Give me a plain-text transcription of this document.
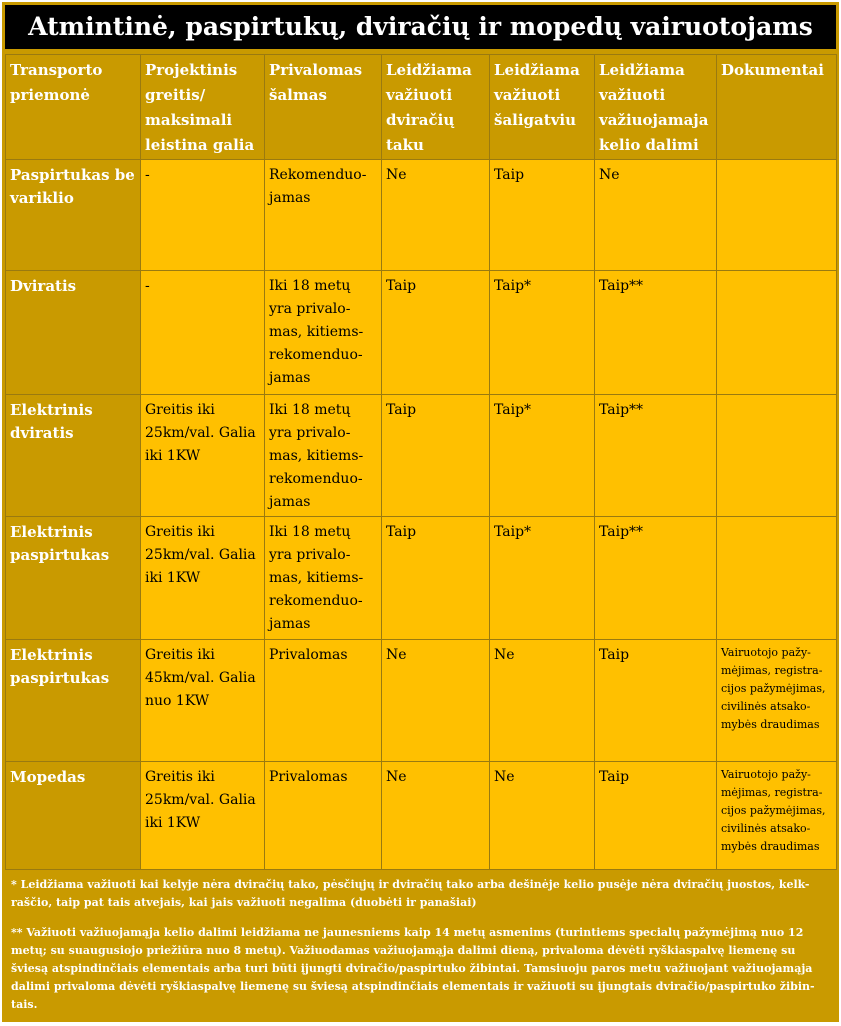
Atmintinė, paspirtukų, dviračių ir mopedų vairuotojams
Transporto priemonė	Projektinis greitis/ maksimali leistina galia	Privalomas šalmas	Leidžiama važiuoti dviračių taku	Leidžiama važiuoti šaligatviu	Leidžiama važiuoti važiuojamaja kelio dalimi	Dokumentai
Paspirtukas be variklio	-	Rekomenduo-jamas	Ne	Taip	Ne	
Dviratis	-	Iki 18 metų yra privalo-mas, kitiems-rekomenduo-jamas	Taip	Taip*	Taip**	
Elektrinis dviratis	Greitis iki 25km/val. Galia iki 1KW	Iki 18 metų yra privalo-mas, kitiems-rekomenduo-jamas	Taip	Taip*	Taip**	
Elektrinis paspirtukas	Greitis iki 25km/val. Galia iki 1KW	Iki 18 metų yra privalo-mas, kitiems-rekomenduo-jamas	Taip	Taip*	Taip**	
Elektrinis paspirtukas	Greitis iki 45km/val. Galia nuo 1KW	Privalomas	Ne	Ne	Taip	Vairuotojo pažy-mėjimas, registra-cijos pažymėjimas, civilinės atsako-mybės draudimas
Mopedas	Greitis iki 25km/val. Galia iki 1KW	Privalomas	Ne	Ne	Taip	Vairuotojo pažy-mėjimas, registra-cijos pažymėjimas, civilinės atsako-mybės draudimas

* Leidžiama važiuoti kai kelyje nėra dviračių tako, pėsčiųjų ir dviračių tako arba dešinėje kelio pusėje nėra dviračių juostos, kelk-raščio, taip pat tais atvejais, kai jais važiuoti negalima (duobėti ir panašiai)

** Važiuoti važiuojamąja kelio dalimi leidžiama ne jaunesniems kaip 14 metų asmenims (turintiems specialų pažymėjimą nuo 12 metų; su suaugusiojo priežiūra nuo 8 metų). Važiuodamas važiuojamąja dalimi dieną, privaloma dėvėti ryškiaspalvę liemenę su šviesą atspindinčiais elementais arba turi būti įjungti dviračio/paspirtuko žibintai. Tamsiuoju paros metu važiuojant važiuojamąja dalimi privaloma dėvėti ryškiaspalvę liemenę su šviesą atspindinčiais elementais ir važiuoti su įjungtais dviračio/paspirtuko žibin-tais.
